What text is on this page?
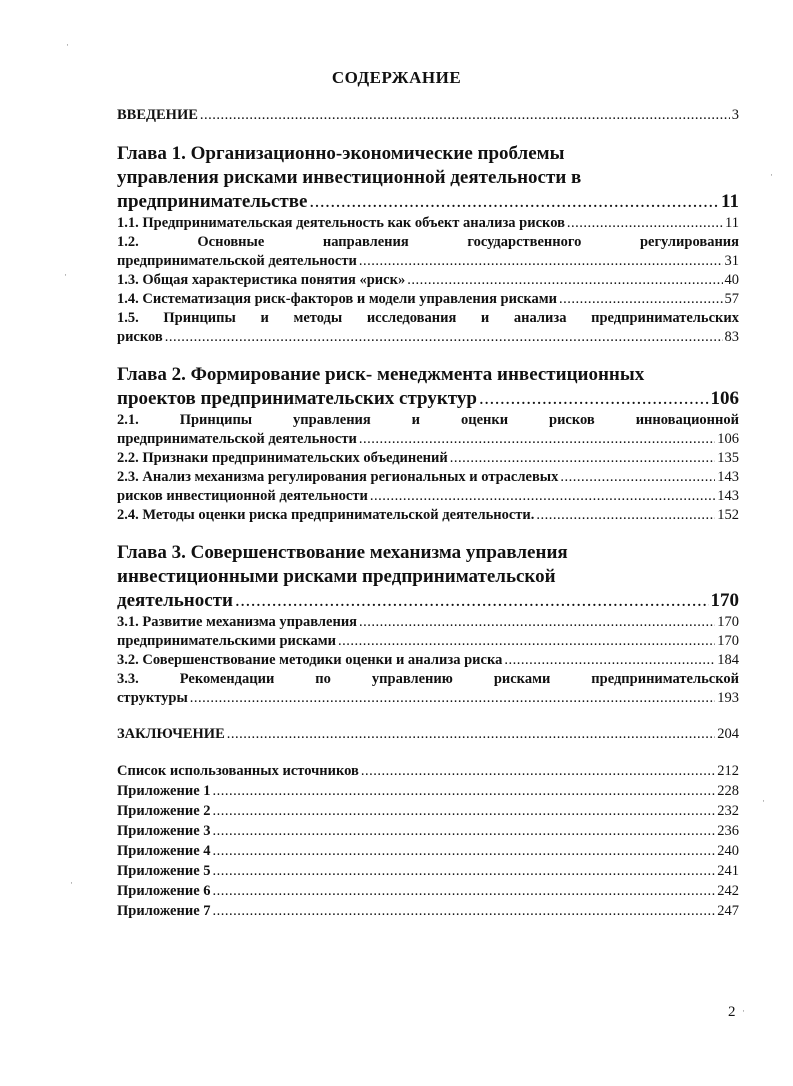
СОДЕРЖАНИЕ
ВВЕДЕНИЕ .....	3
Глава 1. Организационно-экономические проблемы
управления рисками инвестиционной деятельности в
предпринимательстве .....	11
1.1. Предпринимательская деятельность как объект анализа рисков .....	11
1.2. Основные направления государственного регулирования
предпринимательской деятельности .....	31
1.3. Общая характеристика понятия «риск» .....	40
1.4. Систематизация риск-факторов и модели управления рисками .....	57
1.5. Принципы и методы исследования и анализа предпринимательских
рисков .....	83
Глава 2. Формирование риск- менеджмента инвестиционных
проектов предпринимательских структур .....	106
2.1. Принципы управления и оценки рисков инновационной
предпринимательской деятельности .....	106
2.2. Признаки предпринимательских объединений .....	135
2.3. Анализ механизма регулирования региональных и отраслевых .....	143
рисков инвестиционной деятельности .....	143
2.4. Методы оценки риска предпринимательской деятельности. .....	152
Глава 3. Совершенствование механизма управления
инвестиционными рисками предпринимательской
деятельности .....	170
3.1. Развитие механизма управления .....	170
предпринимательскими рисками .....	170
3.2. Совершенствование методики оценки и анализа риска .....	184
3.3. Рекомендации по управлению рисками предпринимательской
структуры .....	193
ЗАКЛЮЧЕНИЕ .....	204
Список использованных источников .....	212
Приложение 1 .....	228
Приложение 2 .....	232
Приложение 3 .....	236
Приложение 4 .....	240
Приложение 5 .....	241
Приложение 6 .....	242
Приложение 7 .....	247
2
·
·
·
·
·
·
